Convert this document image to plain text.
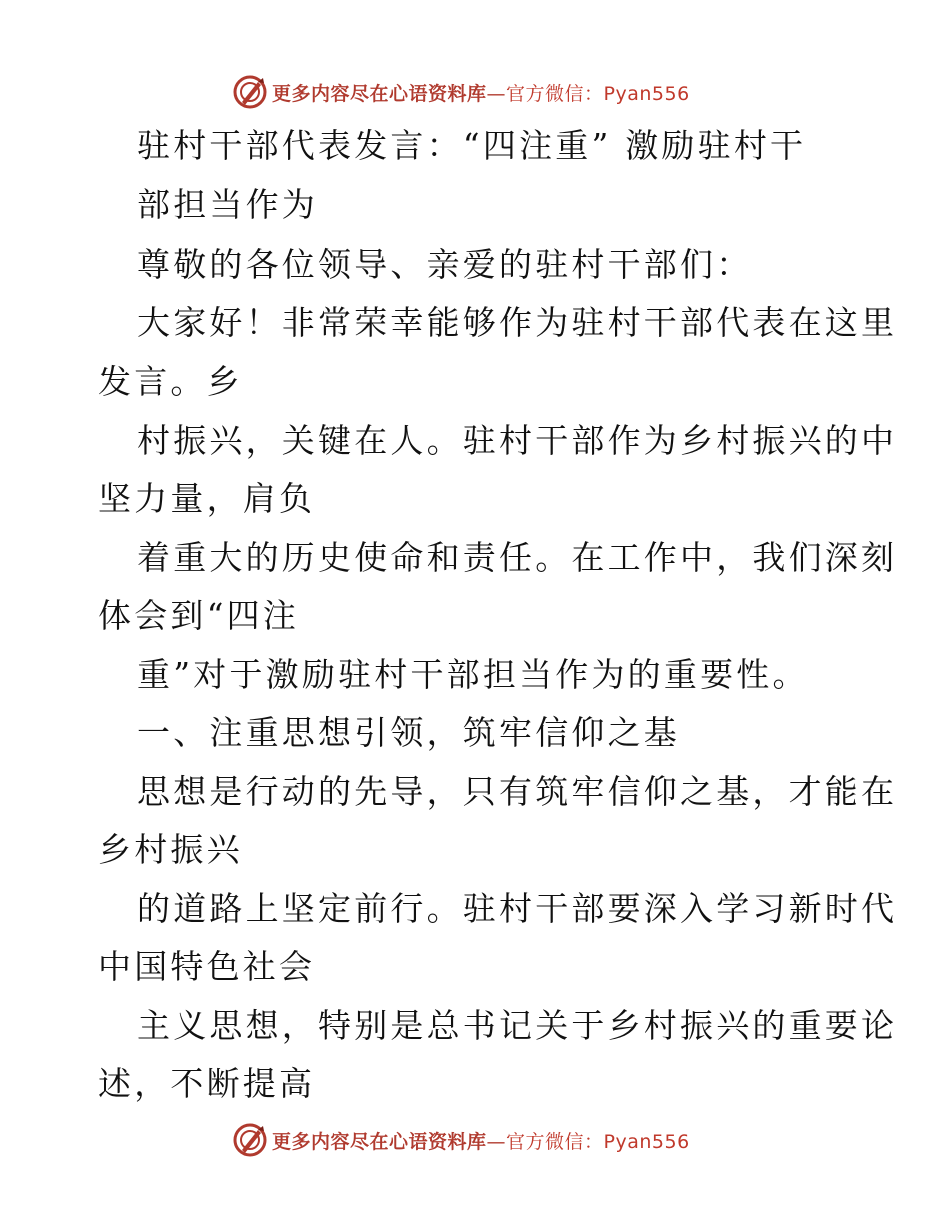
更多内容尽在心语资料库—官方微信：Pyan556
驻村干部代表发言：“四注重” 激励驻村干
部担当作为
尊敬的各位领导、亲爱的驻村干部们：
大家好！非常荣幸能够作为驻村干部代表在这里
发言。乡
村振兴，关键在人。驻村干部作为乡村振兴的中
坚力量，肩负
着重大的历史使命和责任。在工作中，我们深刻
体会到“四注
重”对于激励驻村干部担当作为的重要性。
一、注重思想引领，筑牢信仰之基
思想是行动的先导，只有筑牢信仰之基，才能在
乡村振兴
的道路上坚定前行。驻村干部要深入学习新时代
中国特色社会
主义思想，特别是总书记关于乡村振兴的重要论
述，不断提高
更多内容尽在心语资料库—官方微信：Pyan556
